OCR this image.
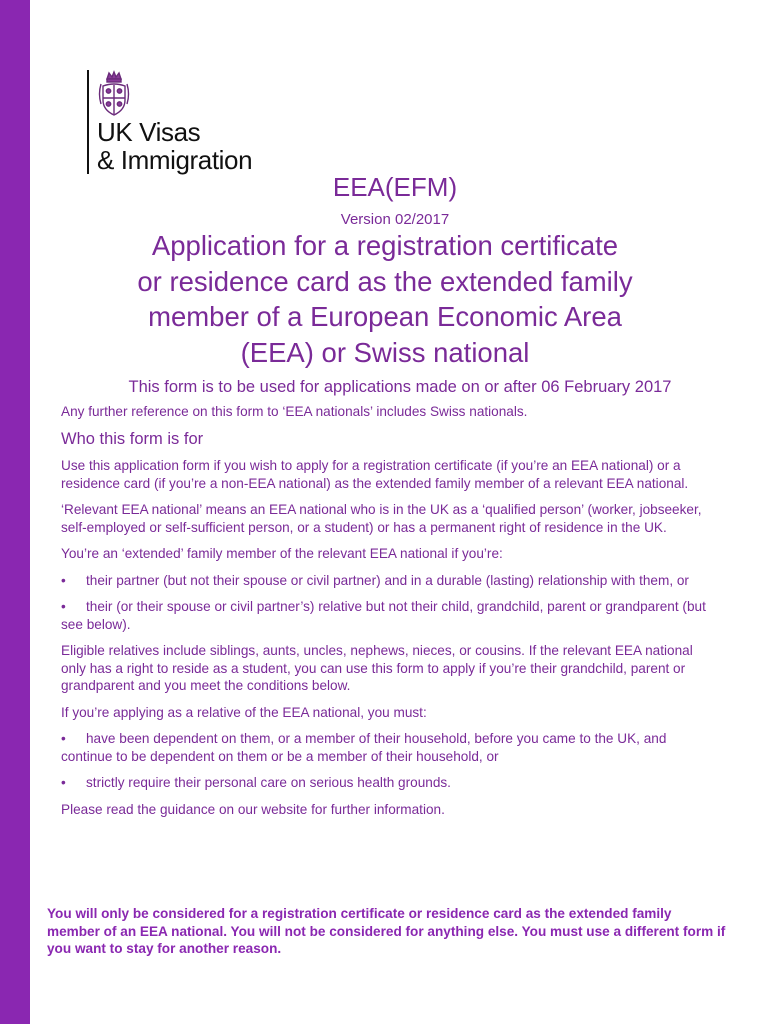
UK Visas
& Immigration
EEA(EFM)
Version 02/2017
Application for a registration certificate
or residence card as the extended family
member of a European Economic Area
(EEA) or Swiss national
This form is to be used for applications made on or after 06 February 2017

Any further reference on this form to ‘EEA nationals’ includes Swiss nationals.

Who this form is for

Use this application form if you wish to apply for a registration certificate (if you’re an EEA national) or a residence card (if you’re a non-EEA national) as the extended family member of a relevant EEA national.

‘Relevant EEA national’ means an EEA national who is in the UK as a ‘qualified person’ (worker, jobseeker, self-employed or self-sufficient person, or a student) or has a permanent right of residence in the UK.

You’re an ‘extended’ family member of the relevant EEA national if you’re:

• their partner (but not their spouse or civil partner) and in a durable (lasting) relationship with them, or

• their (or their spouse or civil partner’s) relative but not their child, grandchild, parent or grandparent (but see below).

Eligible relatives include siblings, aunts, uncles, nephews, nieces, or cousins. If the relevant EEA national only has a right to reside as a student, you can use this form to apply if you’re their grandchild, parent or grandparent and you meet the conditions below.

If you’re applying as a relative of the EEA national, you must:

• have been dependent on them, or a member of their household, before you came to the UK, and continue to be dependent on them or be a member of their household, or

• strictly require their personal care on serious health grounds.

Please read the guidance on our website for further information.

You will only be considered for a registration certificate or residence card as the extended family member of an EEA national. You will not be considered for anything else. You must use a different form if you want to stay for another reason.
